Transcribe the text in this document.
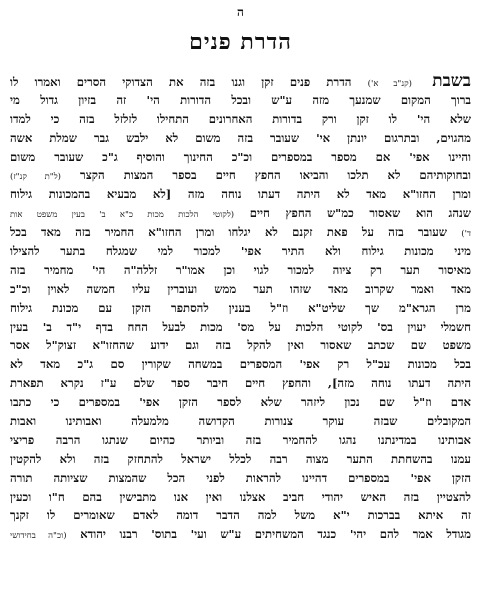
ה
הדרת פנים
בשבת (קנ"ב א') הדרת פנים זקן וגנו בזה את הצדוקי הסרים ואמרו לו
ברוך המקום שמנעך מזה ע"ש ובכל הדורות הי' זה בזיון גדול מי
שלא הי' לו זקן ורק בדורות האחרונים התחילו לזלזל בזה כי למדו
מהגוים, ובתרגום יונתן אי' שעובר בזה משום לא ילבש גבר שמלת אשה
והיינו אפי' אם מספר במספרים וכ"כ החינוך והוסיף ג"כ שעובר משום
ובחוקותיהם לא תלכו והביאו החפץ חיים בספר המצות הקצר (ל"ת קנ"ז)
ומרן החזו"א מאד לא היתה דעתו נוחה מזה [לא מבעיא בהמכונות גילוח
שנהג הוא שאסור כמ"ש החפץ חיים (לקוטי הלכות מכות כ"א ב' בעין משפט אות
ד') שעובר בזה על פאת זקנם לא יגלחו ומרן החזו"א החמיר בזה מאד בכל
מיני מכונות גילוח ולא התיר אפי' למכור למי שמגלח בתער להצילו
מאיסור תער רק ציוה למכור לגוי וכן אמו"ר זללה"ה הי' מחמיר בזה
מאד ואמר שקרוב מאד שזהו תער ממש ועוברין עליו חמשה לאוין וכ"כ
מרן הגרא"מ שך שליט"א וז"ל בענין להסתפר הזקן עם מכונת גילוח
חשמלי יעוין בס' לקוטי הלכות על מס' מכות לבעל החח בדף י"ד ב' בעין
משפט שם שכתב שאסור ואין להקל בזה וגם ידוע שהחזו"א זצוק"ל אסר
בכל מכונות עכ"ל רק אפי' המספרים במשחה שקורין סם ג"כ מאד לא
היתה דעתו נוחה מזה], והחפץ חיים חיבר ספר שלם ע"ז נקרא תפארת
אדם וז"ל שם נכון ליזהר שלא לספר הזקן אפי' במספרים כי כתבו
המקובלים שבזה עוקר צנורות הקדושה מלמעלה ואבותינו ואבות
אבותינו במדינתנו נהגו להחמיר בזה וביותר כהיום שנתגו הרבה פריצי
עמנו בהשחתת התער מצוה רבה לכלל ישראל להתחזק בזה ולא להקטין
הזקן אפי' במספרים דהיינו להראות לפני הכל שהמצות שציותה תורה
להצטיין בזה האיש יהודי חביב אצלנו ואין אנו מתבישין בהם ח"ו וכעין
זה איתא בברכות י"א משל למה הדבר דומה לאדם שאומרים לו זקנך
מגודל אמר להם יהי' כנגד המשחיתים ע"ש ועי' בתוס' רבנו יהודא (וכ"ה בחידושי
